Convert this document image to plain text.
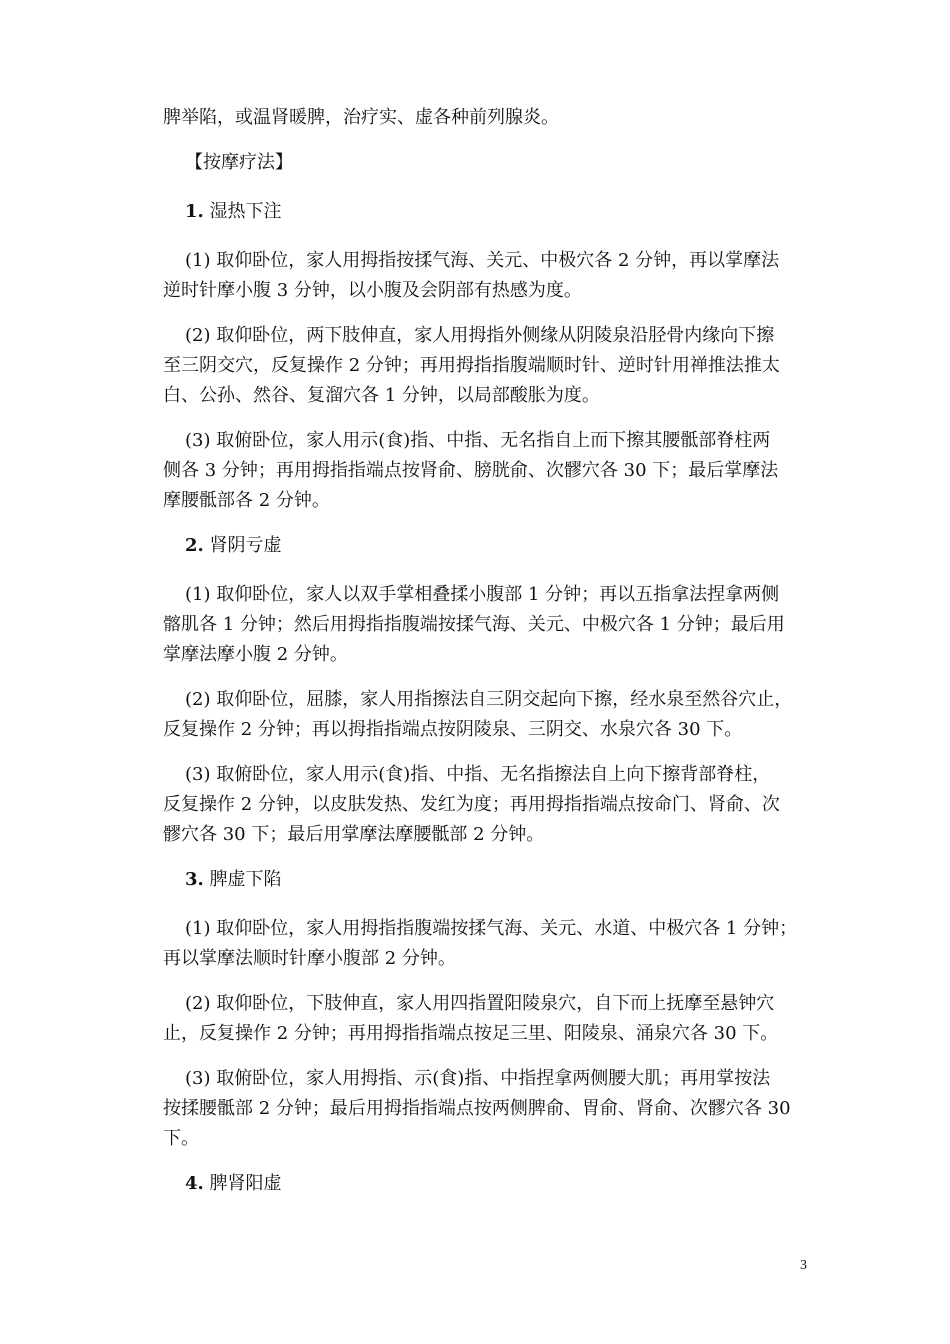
脾举陷，或温肾暖脾，治疗实、虚各种前列腺炎。
【按摩疗法】
1. 湿热下注
(1) 取仰卧位，家人用拇指按揉气海、关元、中极穴各 2 分钟，再以掌摩法
逆时针摩小腹 3 分钟，以小腹及会阴部有热感为度。
(2) 取仰卧位，两下肢伸直，家人用拇指外侧缘从阴陵泉沿胫骨内缘向下擦
至三阴交穴，反复操作 2 分钟；再用拇指指腹端顺时针、逆时针用禅推法推太
白、公孙、然谷、复溜穴各 1 分钟，以局部酸胀为度。
(3) 取俯卧位，家人用示(食)指、中指、无名指自上而下擦其腰骶部脊柱两
侧各 3 分钟；再用拇指指端点按肾俞、膀胱俞、次髎穴各 30 下；最后掌摩法
摩腰骶部各 2 分钟。
2. 肾阴亏虚
(1) 取仰卧位，家人以双手掌相叠揉小腹部 1 分钟；再以五指拿法捏拿两侧
髂肌各 1 分钟；然后用拇指指腹端按揉气海、关元、中极穴各 1 分钟；最后用
掌摩法摩小腹 2 分钟。
(2) 取仰卧位，屈膝，家人用指擦法自三阴交起向下擦，经水泉至然谷穴止，
反复操作 2 分钟；再以拇指指端点按阴陵泉、三阴交、水泉穴各 30 下。
(3) 取俯卧位，家人用示(食)指、中指、无名指擦法自上向下擦背部脊柱，
反复操作 2 分钟，以皮肤发热、发红为度；再用拇指指端点按命门、肾俞、次
髎穴各 30 下；最后用掌摩法摩腰骶部 2 分钟。
3. 脾虚下陷
(1) 取仰卧位，家人用拇指指腹端按揉气海、关元、水道、中极穴各 1 分钟；
再以掌摩法顺时针摩小腹部 2 分钟。
(2) 取仰卧位，下肢伸直，家人用四指置阳陵泉穴，自下而上抚摩至悬钟穴
止，反复操作 2 分钟；再用拇指指端点按足三里、阳陵泉、涌泉穴各 30 下。
(3) 取俯卧位，家人用拇指、示(食)指、中指捏拿两侧腰大肌；再用掌按法
按揉腰骶部 2 分钟；最后用拇指指端点按两侧脾俞、胃俞、肾俞、次髎穴各 30
下。
4. 脾肾阳虚
3
